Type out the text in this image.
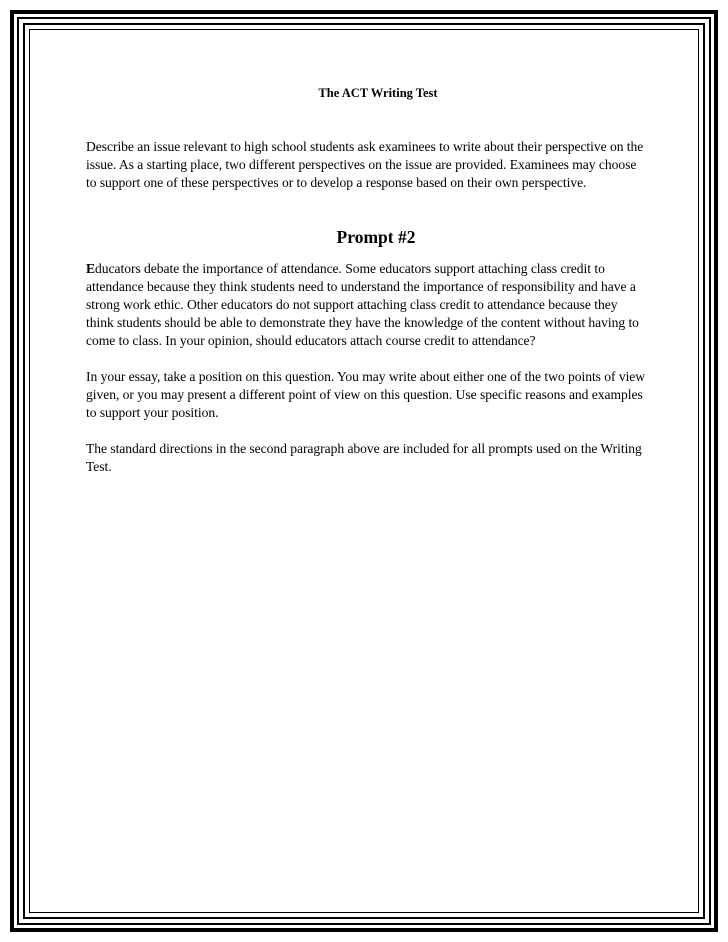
The ACT Writing Test

Describe an issue relevant to high school students ask examinees to write about their perspective on the issue. As a starting place, two different perspectives on the issue are provided. Examinees may choose to support one of these perspectives or to develop a response based on their own perspective.

Prompt #2

Educators debate the importance of attendance. Some educators support attaching class credit to attendance because they think students need to understand the importance of responsibility and have a strong work ethic. Other educators do not support attaching class credit to attendance because they think students should be able to demonstrate they have the knowledge of the content without having to come to class. In your opinion, should educators attach course credit to attendance?

In your essay, take a position on this question. You may write about either one of the two points of view given, or you may present a different point of view on this question. Use specific reasons and examples to support your position.

The standard directions in the second paragraph above are included for all prompts used on the Writing Test.
